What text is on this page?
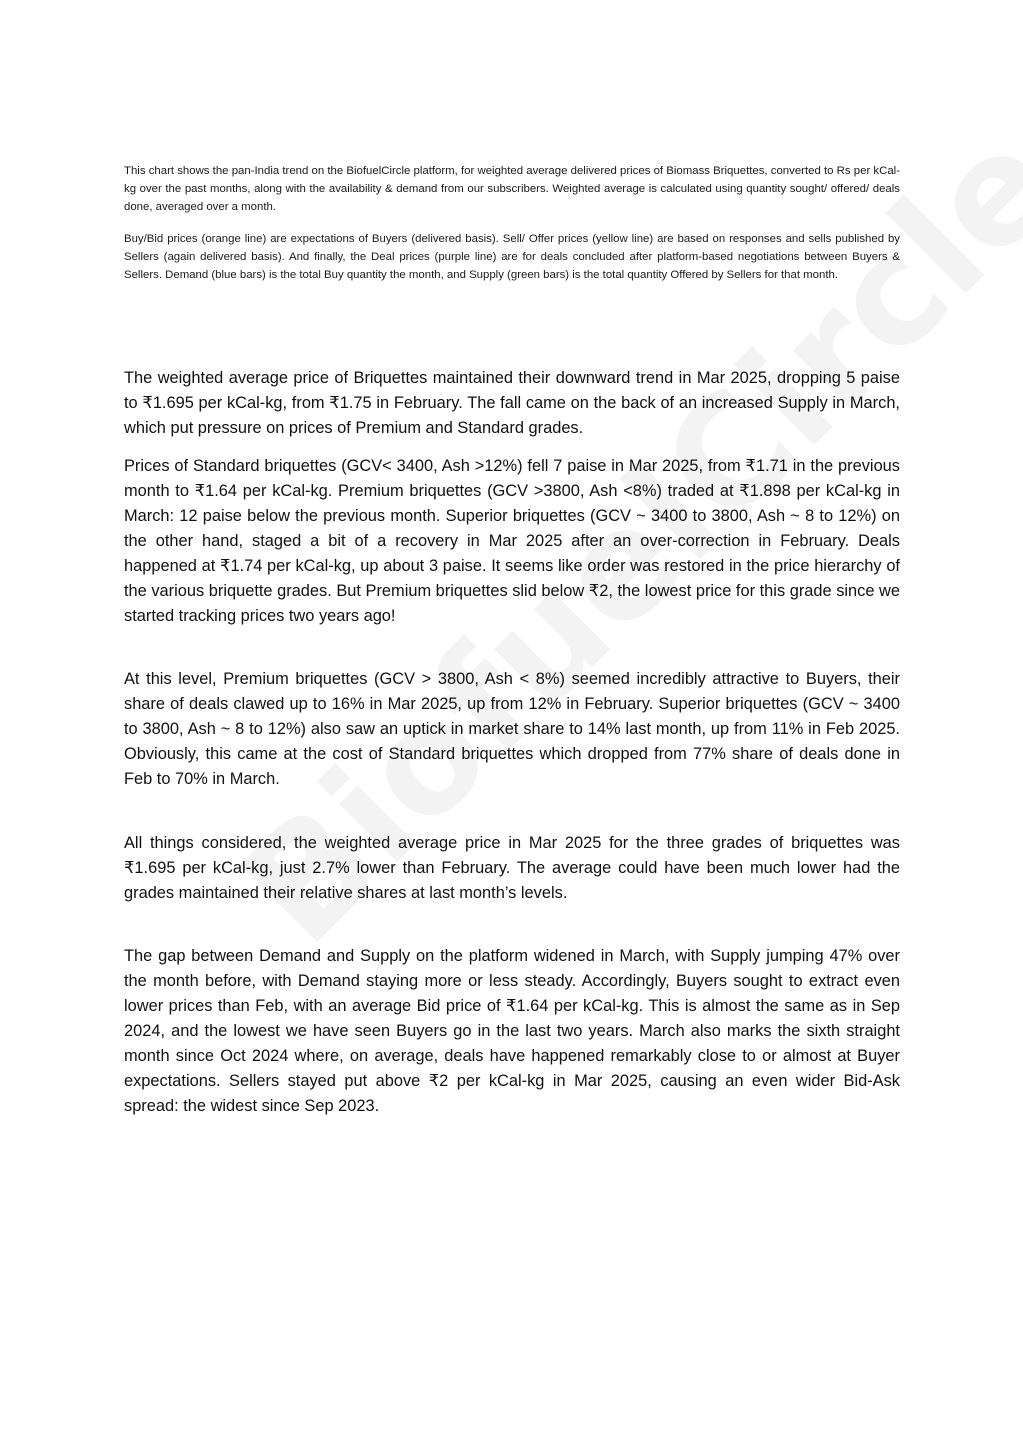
This chart shows the pan-India trend on the BiofuelCircle platform, for weighted average delivered prices of Biomass Briquettes, converted to Rs per kCal-kg over the past months, along with the availability & demand from our subscribers. Weighted average is calculated using quantity sought/ offered/ deals done, averaged over a month.

Buy/Bid prices (orange line) are expectations of Buyers (delivered basis). Sell/ Offer prices (yellow line) are based on responses and sells published by Sellers (again delivered basis). And finally, the Deal prices (purple line) are for deals concluded after platform-based negotiations between Buyers & Sellers. Demand (blue bars) is the total Buy quantity the month, and Supply (green bars) is the total quantity Offered by Sellers for that month.

The weighted average price of Briquettes maintained their downward trend in Mar 2025, dropping 5 paise to ₹1.695 per kCal-kg, from ₹1.75 in February. The fall came on the back of an increased Supply in March, which put pressure on prices of Premium and Standard grades.

Prices of Standard briquettes (GCV< 3400, Ash >12%) fell 7 paise in Mar 2025, from ₹1.71 in the previous month to ₹1.64 per kCal-kg. Premium briquettes (GCV >3800, Ash <8%) traded at ₹1.898 per kCal-kg in March: 12 paise below the previous month. Superior briquettes (GCV ~ 3400 to 3800, Ash ~ 8 to 12%) on the other hand, staged a bit of a recovery in Mar 2025 after an over-correction in February. Deals happened at ₹1.74 per kCal-kg, up about 3 paise. It seems like order was restored in the price hierarchy of the various briquette grades. But Premium briquettes slid below ₹2, the lowest price for this grade since we started tracking prices two years ago!

At this level, Premium briquettes (GCV > 3800, Ash < 8%) seemed incredibly attractive to Buyers, their share of deals clawed up to 16% in Mar 2025, up from 12% in February. Superior briquettes (GCV ~ 3400 to 3800, Ash ~ 8 to 12%) also saw an uptick in market share to 14% last month, up from 11% in Feb 2025. Obviously, this came at the cost of Standard briquettes which dropped from 77% share of deals done in Feb to 70% in March.

All things considered, the weighted average price in Mar 2025 for the three grades of briquettes was ₹1.695 per kCal-kg, just 2.7% lower than February. The average could have been much lower had the grades maintained their relative shares at last month’s levels.

The gap between Demand and Supply on the platform widened in March, with Supply jumping 47% over the month before, with Demand staying more or less steady. Accordingly, Buyers sought to extract even lower prices than Feb, with an average Bid price of ₹1.64 per kCal-kg. This is almost the same as in Sep 2024, and the lowest we have seen Buyers go in the last two years. March also marks the sixth straight month since Oct 2024 where, on average, deals have happened remarkably close to or almost at Buyer expectations. Sellers stayed put above ₹2 per kCal-kg in Mar 2025, causing an even wider Bid-Ask spread: the widest since Sep 2023.
